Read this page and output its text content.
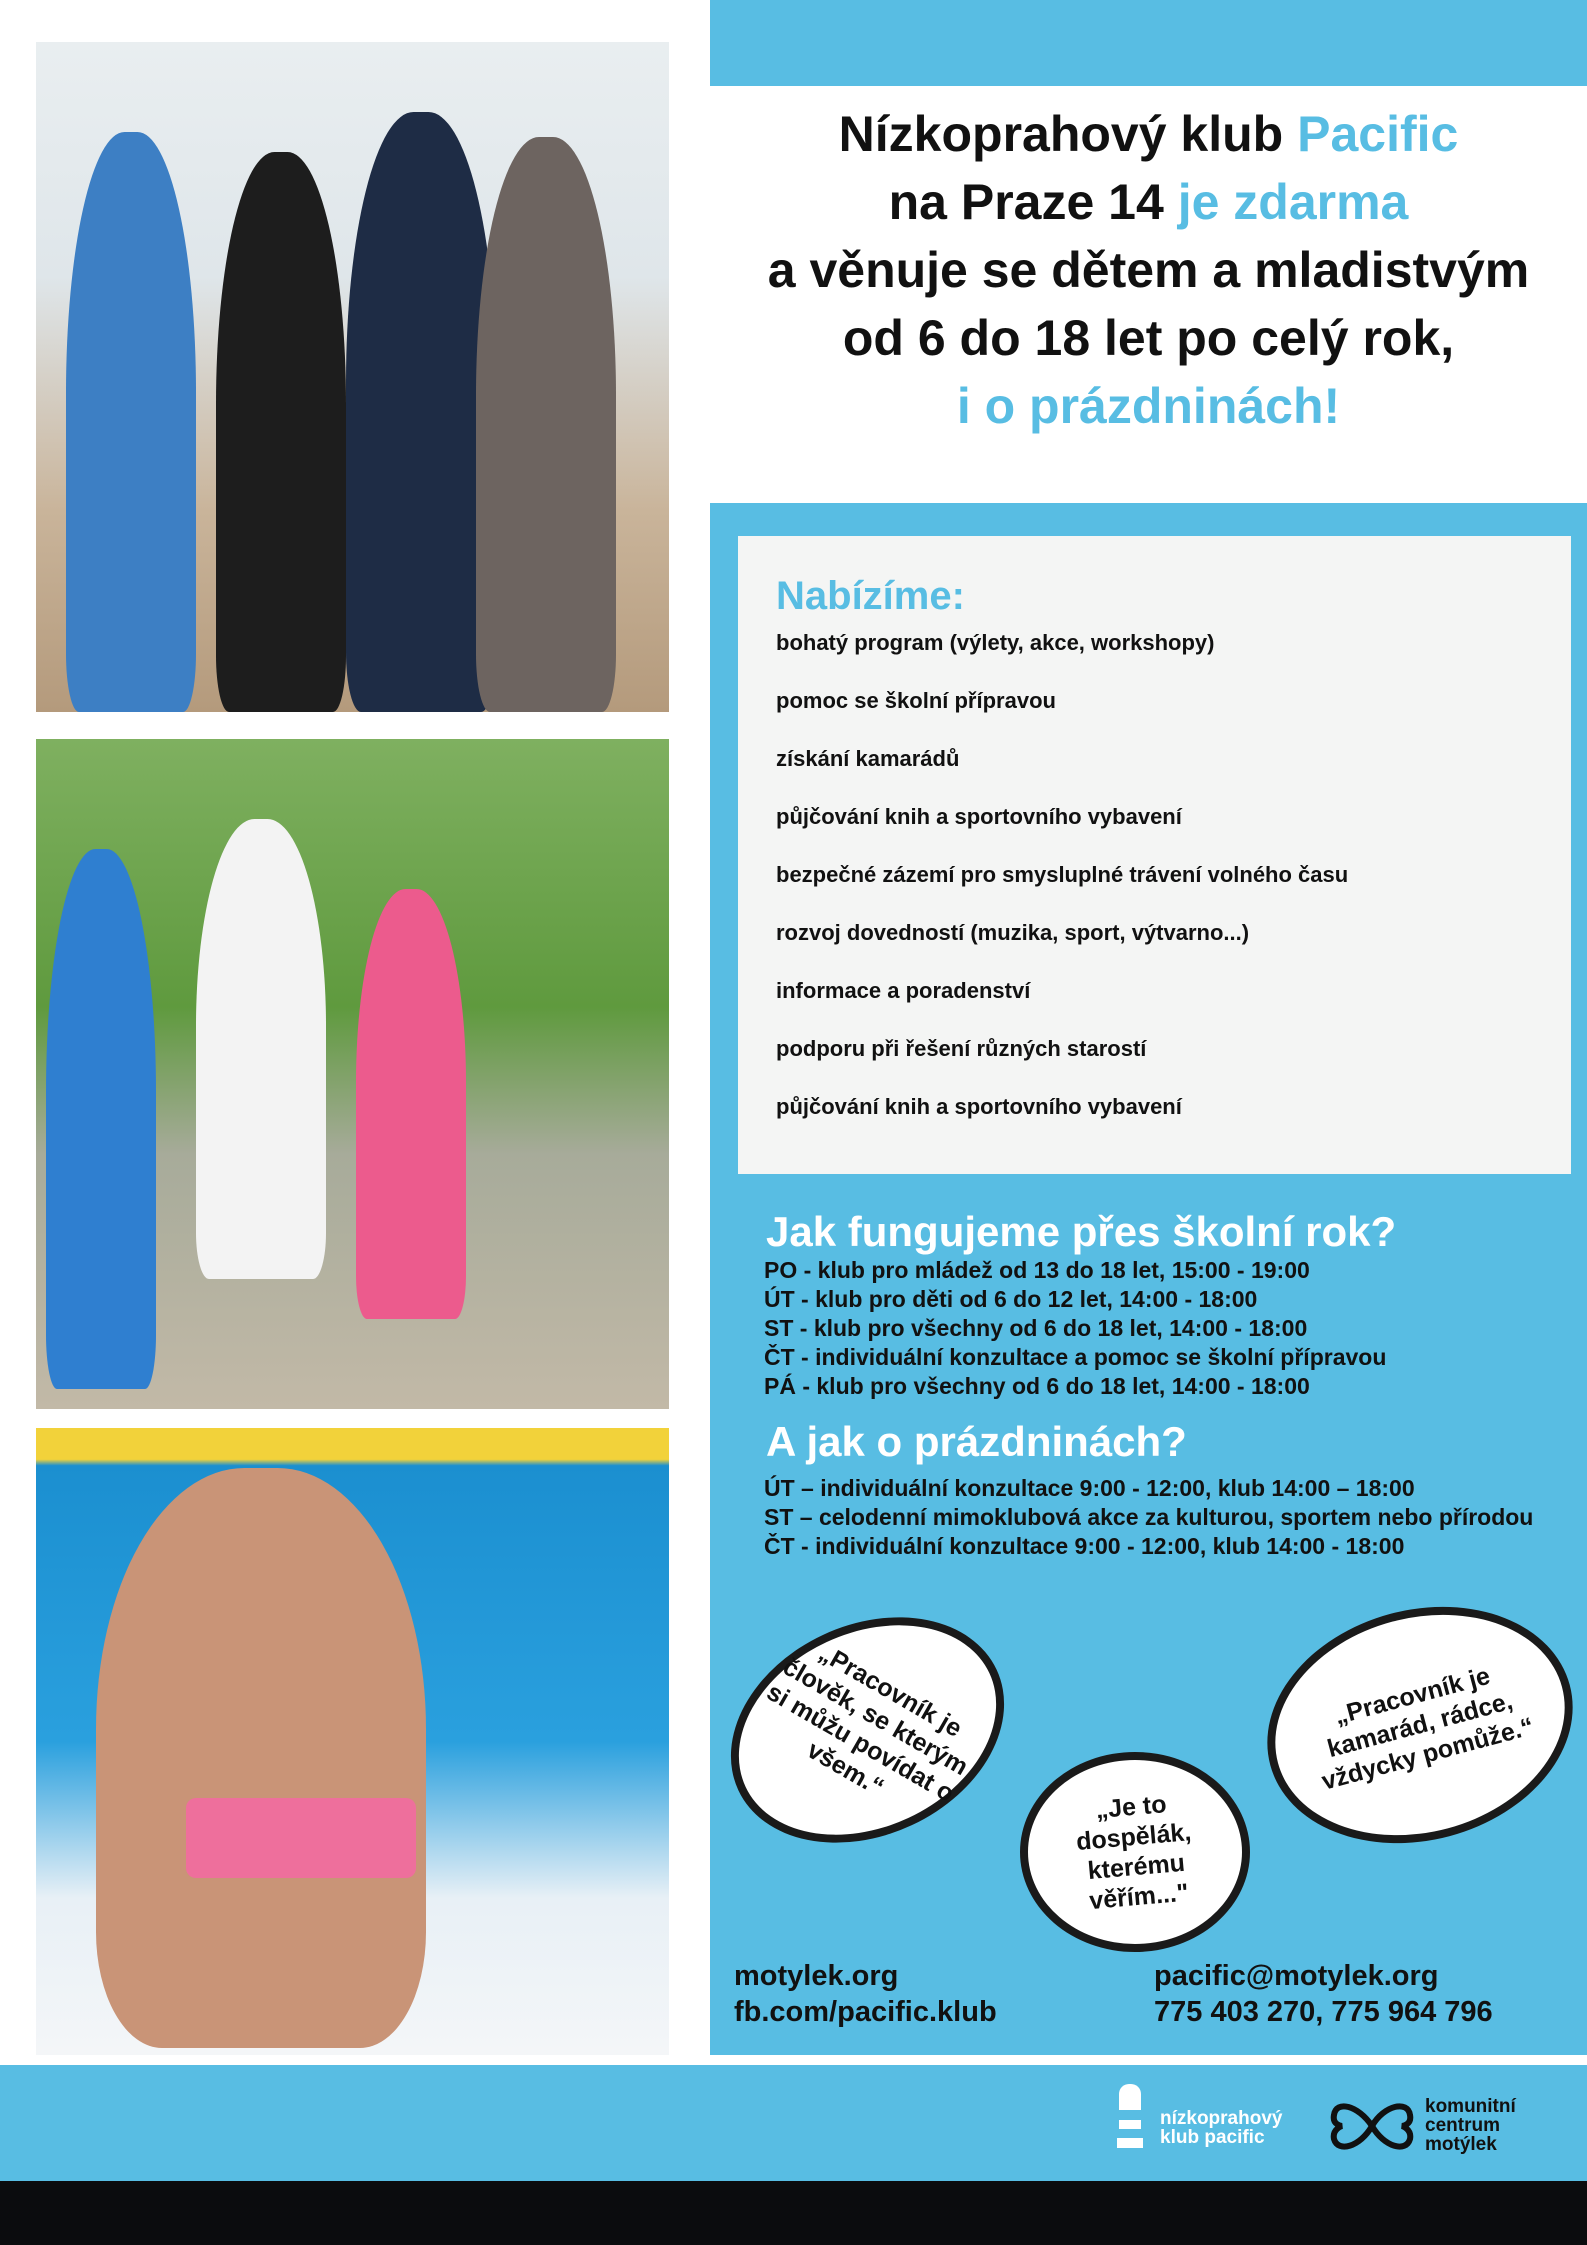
Nízkoprahový klub Pacific
na Praze 14 je zdarma
a věnuje se dětem a mladistvým
od 6 do 18 let po celý rok,
i o prázdninách!
Nabízíme:
bohatý program (výlety, akce, workshopy)
pomoc se školní přípravou
získání kamarádů
půjčování knih a sportovního vybavení
bezpečné zázemí pro smysluplné trávení volného času
rozvoj dovedností (muzika, sport, výtvarno...)
informace a poradenství
podporu při řešení různých starostí
půjčování knih a sportovního vybavení
Jak fungujeme přes školní rok?

PO - klub pro mládež od 13 do 18 let, 15:00 - 19:00

ÚT - klub pro děti od 6 do 12 let, 14:00 - 18:00

ST - klub pro všechny od 6 do 18 let, 14:00 - 18:00

ČT - individuální konzultace a pomoc se školní přípravou

PÁ - klub pro všechny od 6 do 18 let, 14:00 - 18:00

A jak o prázdninách?

ÚT – individuální konzultace 9:00 - 12:00, klub 14:00 – 18:00

ST – celodenní mimoklubová akce za kulturou, sportem nebo přírodou

ČT - individuální konzultace 9:00 - 12:00, klub 14:00 - 18:00

„Pracovník je člověk, se kterým si můžu povídat o všem.“
„Je to dospělák, kterému věřím..."
„Pracovník je kamarád, rádce, vždycky pomůže.“
motylek.org
fb.com/pacific.klub
pacific@motylek.org
775 403 270, 775 964 796
nízkoprahový
klub pacific
komunitní
centrum
motýlek
